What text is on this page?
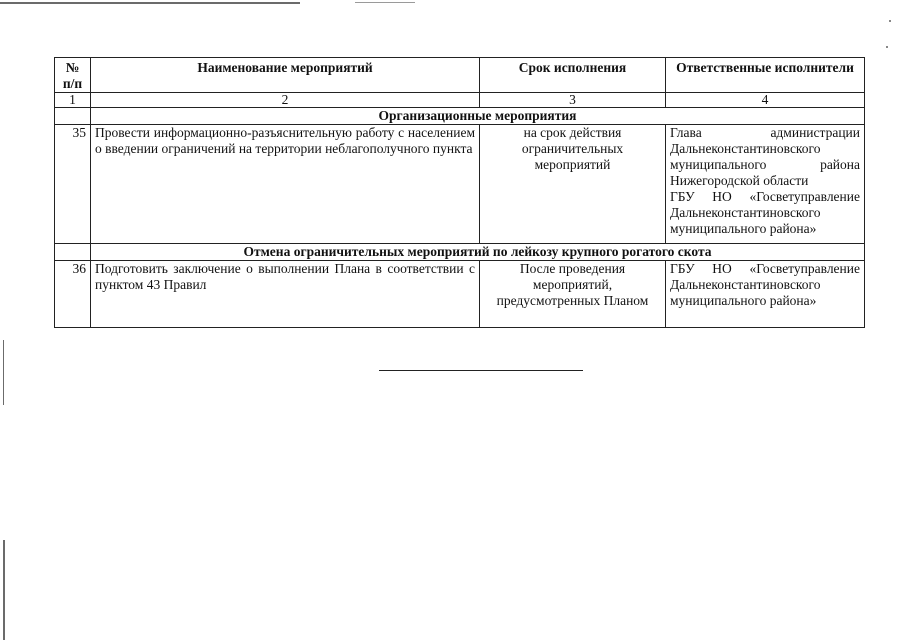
№ п/п	Наименование мероприятий	Срок исполнения	Ответственные исполнители
1	2	3	4
	Организационные мероприятия		
35	Провести информационно-разъяснительную работу с населением о введении ограничений на территории неблагополучного пункта	на срок действия ограничительных мероприятий	Глава администрации Дальнеконстантиновского муниципального района Нижегородской области
ГБУ НО «Госветуправление Дальнеконстантиновского муниципального района»

	Отмена ограничительных мероприятий по лейкозу крупного рогатого скота		
36	Подготовить заключение о выполнении Плана в соответствии с пунктом 43 Правил	После проведения мероприятий, предусмотренных Планом	ГБУ НО «Госветуправление Дальнеконстантиновского муниципального района»
